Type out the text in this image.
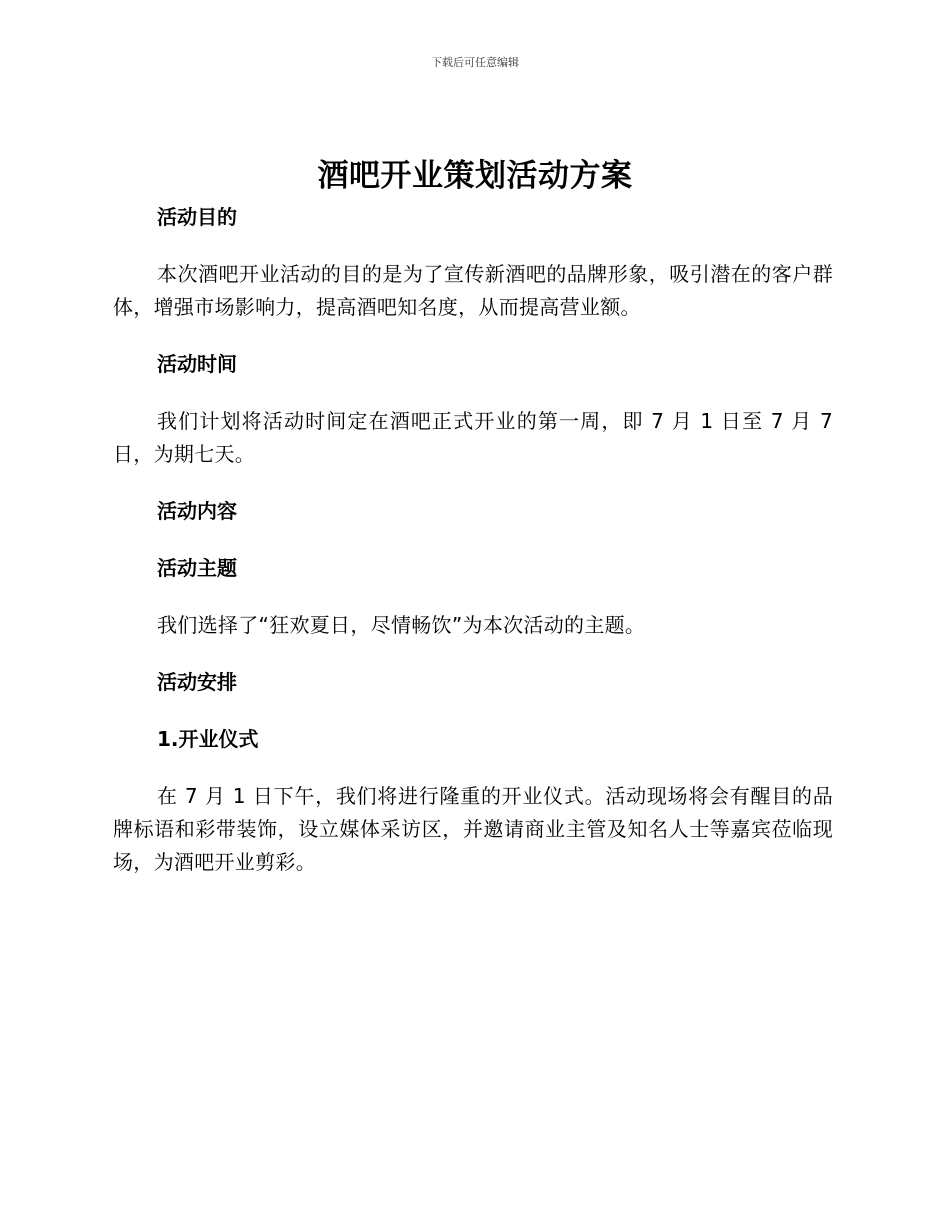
下载后可任意编辑
酒吧开业策划活动方案
活动目的
本次酒吧开业活动的目的是为了宣传新酒吧的品牌形象，吸引潜在的客户群体，增强市场影响力，提高酒吧知名度，从而提高营业额。
活动时间
我们计划将活动时间定在酒吧正式开业的第一周，即 7 月 1 日至 7 月 7 日，为期七天。
活动内容
活动主题
我们选择了“狂欢夏日，尽情畅饮”为本次活动的主题。
活动安排
1.开业仪式
在 7 月 1 日下午，我们将进行隆重的开业仪式。活动现场将会有醒目的品牌标语和彩带装饰，设立媒体采访区，并邀请商业主管及知名人士等嘉宾莅临现场，为酒吧开业剪彩。
